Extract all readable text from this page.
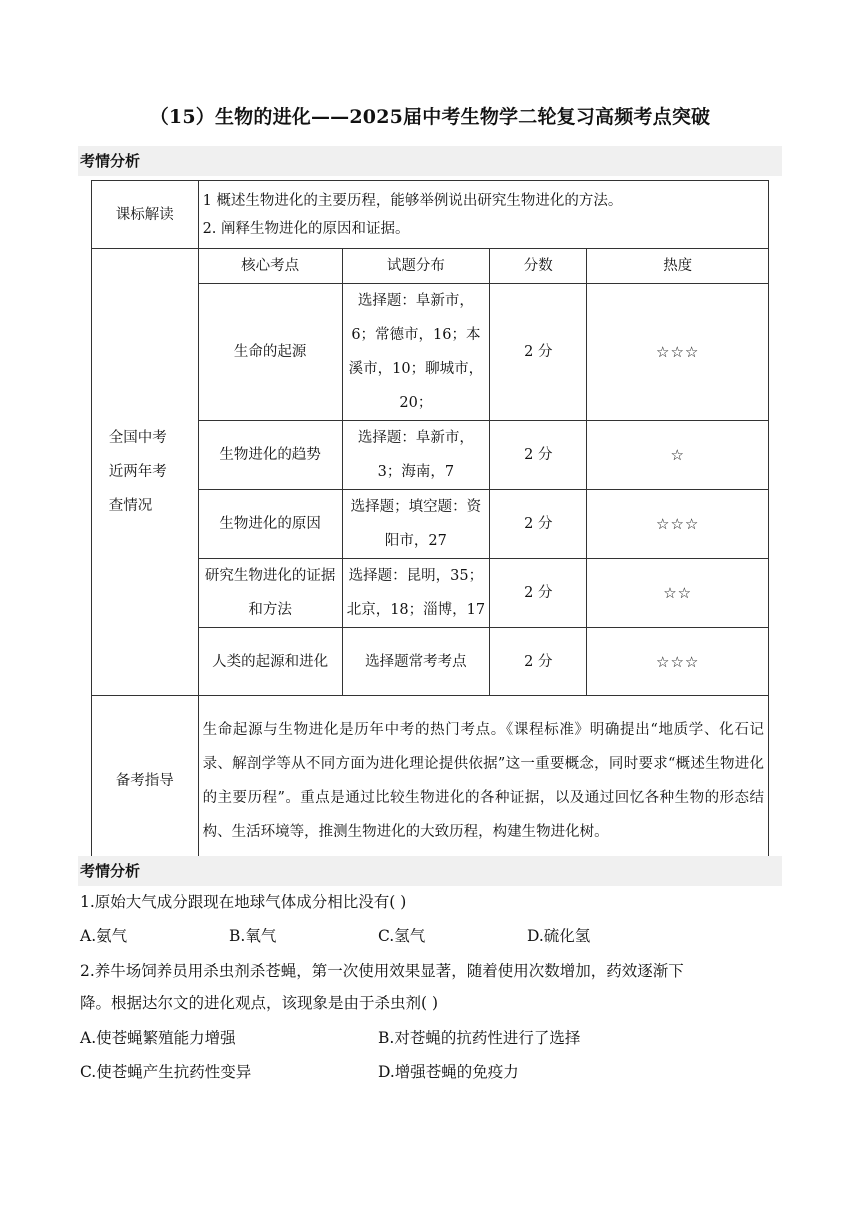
（15）生物的进化——2025届中考生物学二轮复习高频考点突破
考情分析
课标解读	1 概述生物进化的主要历程，能够举例说出研究生物进化的方法。
2. 阐释生物进化的原因和证据。			

全国中考近两年考查情况	核心考点	试题分布	分数	热度
	生命的起源	选择题：阜新市，6；常德市，16；本溪市，10；聊城市，20；	2 分	☆☆☆
	生物进化的趋势	选择题：阜新市，3；海南，7	2 分	☆
	生物进化的原因	选择题；填空题：资阳市，27	2 分	☆☆☆
	研究生物进化的证据和方法	选择题：昆明，35；北京，18；淄博，17	2 分	☆☆
	人类的起源和进化	选择题常考考点	2 分	☆☆☆
备考指导	生命起源与生物进化是历年中考的热门考点。《课程标准》明确提出“地质学、化石记录、解剖学等从不同方面为进化理论提供依据”这一重要概念，同时要求“概述生物进化的主要历程”。重点是通过比较生物进化的各种证据，以及通过回忆各种生物的形态结构、生活环境等，推测生物进化的大致历程，构建生物进化树。			
考情分析
1.原始大气成分跟现在地球气体成分相比没有( )
A.氨气	B.氧气	C.氢气	D.硫化氢
2.养牛场饲养员用杀虫剂杀苍蝇，第一次使用效果显著，随着使用次数增加，药效逐渐下
降。根据达尔文的进化观点，该现象是由于杀虫剂( )
A.使苍蝇繁殖能力增强	B.对苍蝇的抗药性进行了选择
C.使苍蝇产生抗药性变异	D.增强苍蝇的免疫力
